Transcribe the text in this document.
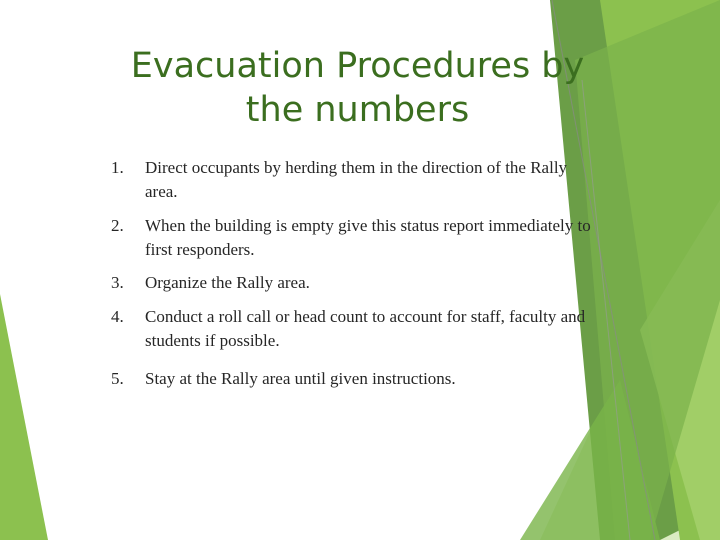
Evacuation Procedures by the numbers
1.	Direct occupants by herding them in the direction of the Rally area.
2.	When the building is empty give this status report immediately to first responders.
3.	Organize the Rally area.
4.	Conduct a roll call or head count to account for staff, faculty and students if possible.
5.	Stay at the Rally area until given instructions.
